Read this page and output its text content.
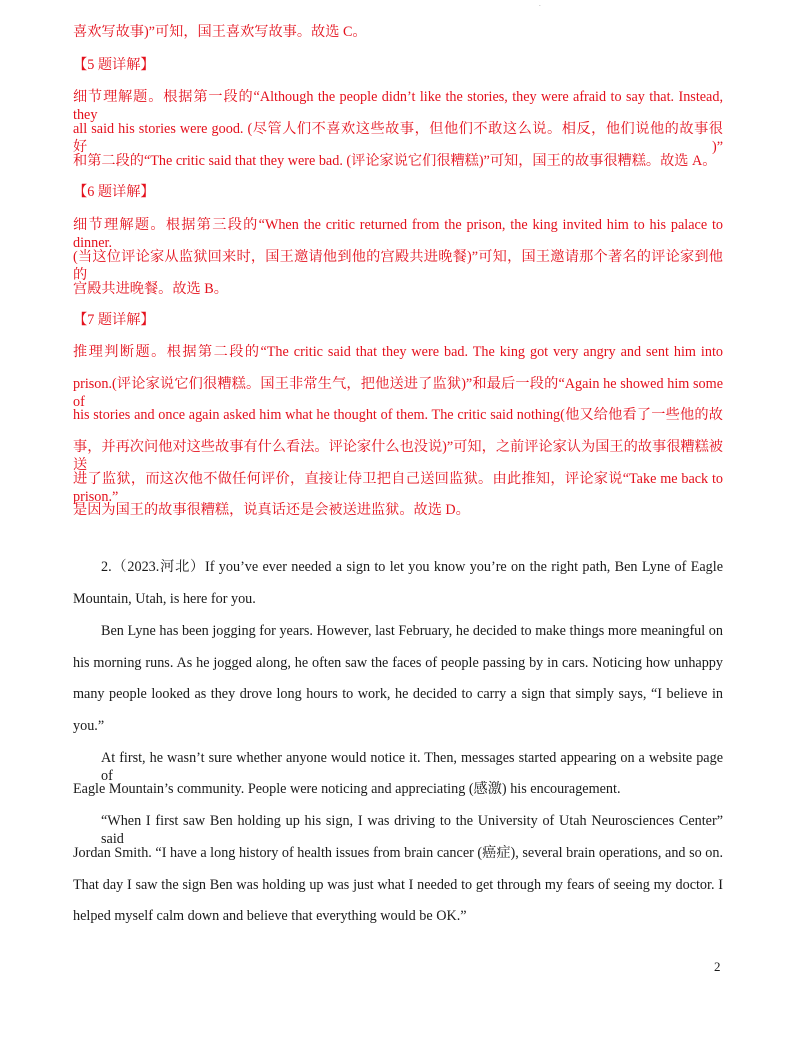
.
喜欢写故事)”可知，国王喜欢写故事。故选 C。
【5 题详解】
细节理解题。根据第一段的“Although the people didn’t like the stories, they were afraid to say that. Instead, they
all said his stories were good. (尽管人们不喜欢这些故事，但他们不敢这么说。相反，他们说他的故事很好)”
和第二段的“The critic said that they were bad. (评论家说它们很糟糕)”可知，国王的故事很糟糕。故选 A。
【6 题详解】
细节理解题。根据第三段的“When the critic returned from the prison, the king invited him to his palace to dinner.
(当这位评论家从监狱回来时，国王邀请他到他的宫殿共进晚餐)”可知，国王邀请那个著名的评论家到他的
宫殿共进晚餐。故选 B。
【7 题详解】
推理判断题。根据第二段的“The critic said that they were bad. The king got very angry and sent him into
prison.(评论家说它们很糟糕。国王非常生气，把他送进了监狱)”和最后一段的“Again he showed him some of
his stories and once again asked him what he thought of them. The critic said nothing(他又给他看了一些他的故
事，并再次问他对这些故事有什么看法。评论家什么也没说)”可知，之前评论家认为国王的故事很糟糕被送
进了监狱，而这次他不做任何评价，直接让侍卫把自己送回监狱。由此推知，评论家说“Take me back to prison.”
是因为国王的故事很糟糕，说真话还是会被送进监狱。故选 D。
2.（2023.河北）If you’ve ever needed a sign to let you know you’re on the right path, Ben Lyne of Eagle
Mountain, Utah, is here for you.
Ben Lyne has been jogging for years. However, last February, he decided to make things more meaningful on
his morning runs. As he jogged along, he often saw the faces of people passing by in cars. Noticing how unhappy
many people looked as they drove long hours to work, he decided to carry a sign that simply says, “I believe in
you.”
At first, he wasn’t sure whether anyone would notice it. Then, messages started appearing on a website page of
Eagle Mountain’s community. People were noticing and appreciating (感激) his encouragement.
“When I first saw Ben holding up his sign, I was driving to the University of Utah Neurosciences Center” said
Jordan Smith. “I have a long history of health issues from brain cancer (癌症), several brain operations, and so on.
That day I saw the sign Ben was holding up was just what I needed to get through my fears of seeing my doctor. I
helped myself calm down and believe that everything would be OK.”
2
